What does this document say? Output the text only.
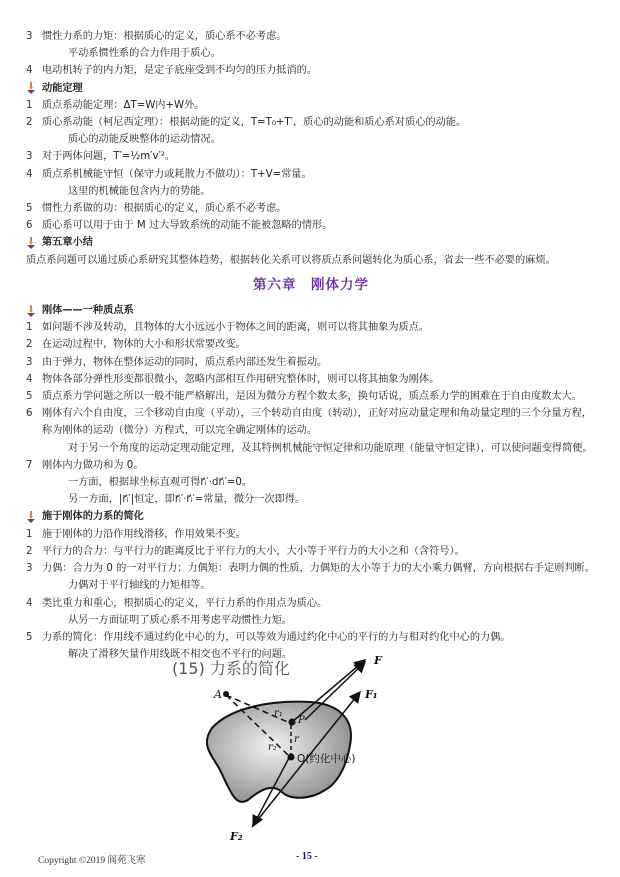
3 惯性力系的力矩：根据质心的定义，质心系不必考虑。
平动系惯性系的合力作用于质心。
4 电动机转子的内力矩，是定子底座受到不均匀的压力抵消的。
动能定理
1 质点系动能定理：ΔT=W内+W外。
2 质心系动能（柯尼西定理）：根据动能的定义，T=T₀+T′，质心的动能和质心系对质心的动能。
质心的动能反映整体的运动情况。
3 对于两体问题，T′=½m′v′²。
4 质点系机械能守恒（保守力或耗散力不做功）：T+V=常量。
这里的机械能包含内力的势能。
5 惯性力系做的功：根据质心的定义，质心系不必考虑。
6 质心系可以用于由于 M 过大导致系统的动能不能被忽略的情形。
第五章小结
质点系问题可以通过质心系研究其整体趋势，根据转化关系可以将质点系问题转化为质心系，省去一些不必要的麻烦。
第六章　刚体力学
刚体——一种质点系
1 如问题不涉及转动，且物体的大小远远小于物体之间的距离，则可以将其抽象为质点。
2 在运动过程中，物体的大小和形状常要改变。
3 由于弹力，物体在整体运动的同时，质点系内部还发生着振动。
4 物体各部分弹性形变都很微小，忽略内部相互作用研究整体时，则可以将其抽象为刚体。
5 质点系力学问题之所以一般不能严格解出，是因为微分方程个数太多，换句话说，质点系力学的困难在于自由度数太大。
6 刚体有六个自由度，三个移动自由度（平动），三个转动自由度（转动），正好对应动量定理和角动量定理的三个分量方程，称为刚体的运动（微分）方程式，可以完全确定刚体的运动。
对于另一个角度的运动定理动能定理，及其特例机械能守恒定律和功能原理（能量守恒定律），可以使问题变得简便。
7 刚体内力做功和为 0。
一方面，根据球坐标直观可得r⃗ᵢ′·dr⃗ᵢ′=0。
另一方面，|r⃗ᵢ′|恒定，即r⃗ᵢ′·r⃗ᵢ′=常量，微分一次即得。
施于刚体的力系的简化
1 施于刚体的力沿作用线滑移，作用效果不变。
2 平行力的合力：与平行力的距离反比于平行力的大小，大小等于平行力的大小之和（含符号）。
3 力偶：合力为 0 的一对平行力；力偶矩：表明力偶的性质，力偶矩的大小等于力的大小乘力偶臂，方向根据右手定则判断。
力偶对于平行轴线的力矩相等。
4 类比重力和重心，根据质心的定义，平行力系的作用点为质心。
从另一方面证明了质心系不用考虑平动惯性力矩。
5 力系的简化：作用线不通过约化中心的力，可以等效为通过约化中心的平行的力与相对约化中心的力偶。
解决了滑移矢量作用线既不相交也不平行的问题。
(15) 力系的简化
A
F
F₁
F₂
r₁
P
r
r₂
O(约化中心)
Copyright ©2019 阆苑飞寒	- 15 -
